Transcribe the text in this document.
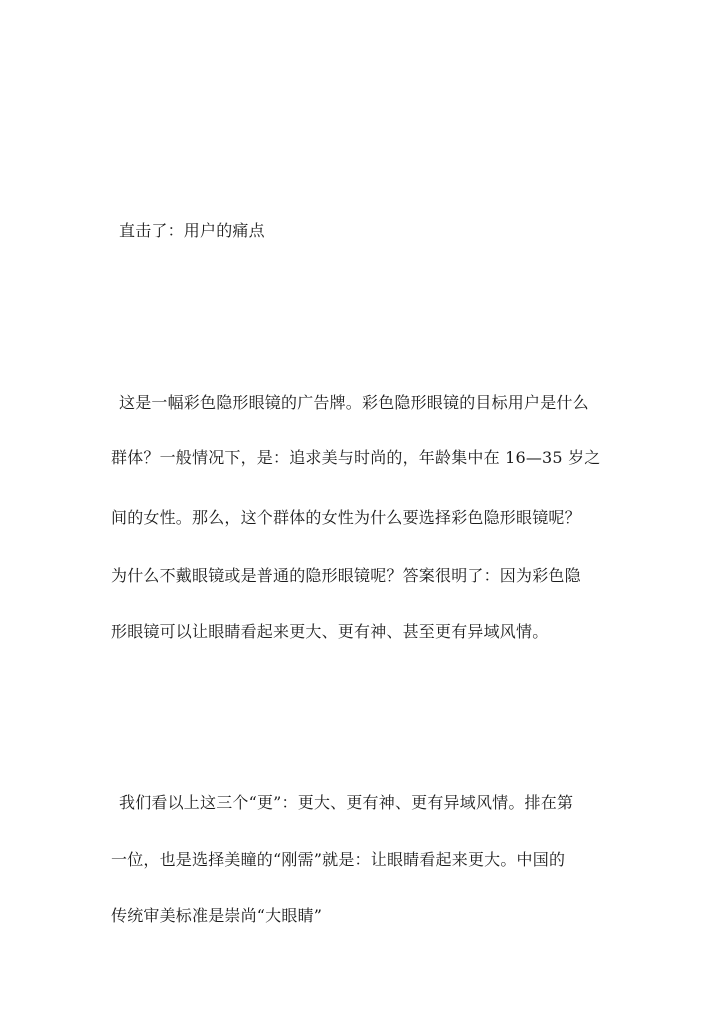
直击了：用户的痛点
这是一幅彩色隐形眼镜的广告牌。彩色隐形眼镜的目标用户是什么
群体？一般情况下，是：追求美与时尚的，年龄集中在 16—35 岁之
间的女性。那么，这个群体的女性为什么要选择彩色隐形眼镜呢？
为什么不戴眼镜或是普通的隐形眼镜呢？答案很明了：因为彩色隐
形眼镜可以让眼睛看起来更大、更有神、甚至更有异域风情。
我们看以上这三个“更”：更大、更有神、更有异域风情。排在第
一位，也是选择美瞳的“刚需”就是：让眼睛看起来更大。中国的
传统审美标准是崇尚“大眼睛”
